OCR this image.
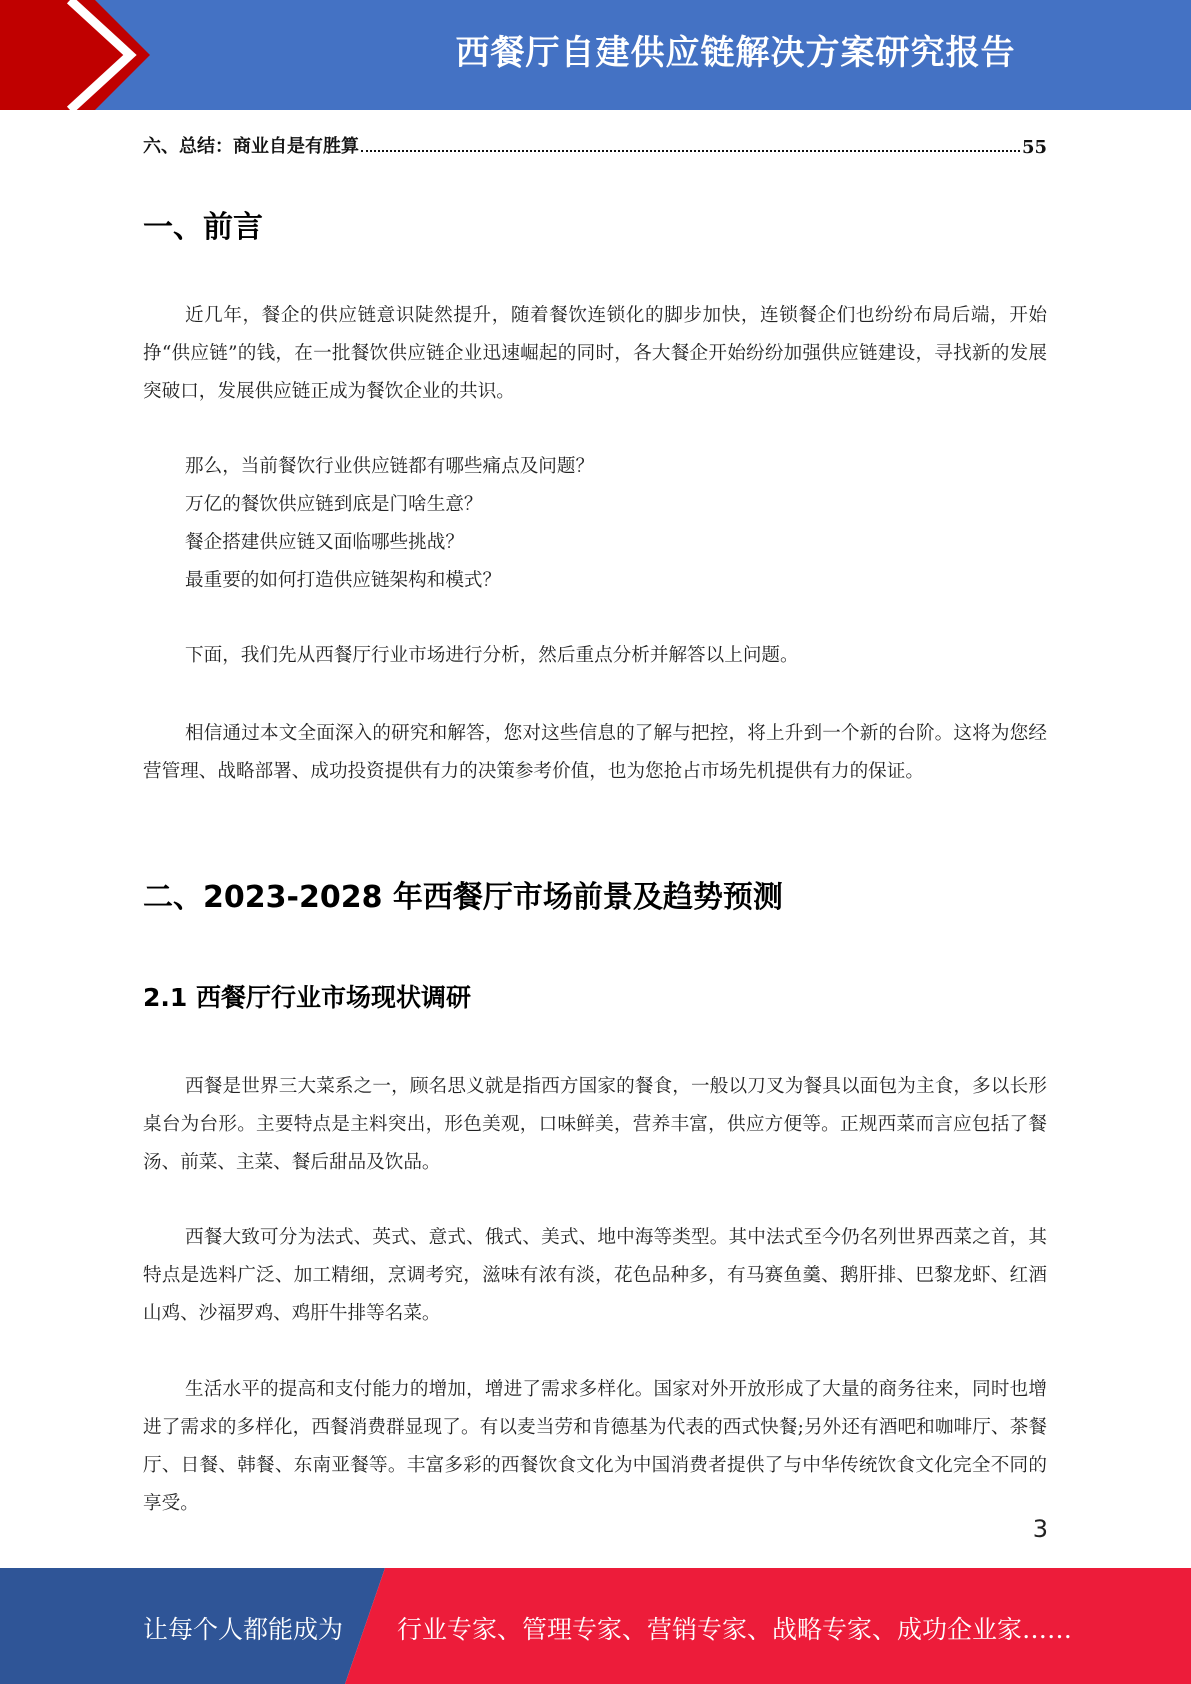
西餐厅自建供应链解决方案研究报告
六、总结：商业自是有胜算	55
一、前言

近几年，餐企的供应链意识陡然提升，随着餐饮连锁化的脚步加快，连锁餐企们也纷纷布局后端，开始挣“供应链”的钱，在一批餐饮供应链企业迅速崛起的同时，各大餐企开始纷纷加强供应链建设，寻找新的发展突破口，发展供应链正成为餐饮企业的共识。

那么，当前餐饮行业供应链都有哪些痛点及问题？

万亿的餐饮供应链到底是门啥生意？

餐企搭建供应链又面临哪些挑战？

最重要的如何打造供应链架构和模式？

下面，我们先从西餐厅行业市场进行分析，然后重点分析并解答以上问题。

相信通过本文全面深入的研究和解答，您对这些信息的了解与把控，将上升到一个新的台阶。这将为您经营管理、战略部署、成功投资提供有力的决策参考价值，也为您抢占市场先机提供有力的保证。

二、2023-2028 年西餐厅市场前景及趋势预测
2.1 西餐厅行业市场现状调研

西餐是世界三大菜系之一，顾名思义就是指西方国家的餐食，一般以刀叉为餐具以面包为主食，多以长形桌台为台形。主要特点是主料突出，形色美观，口味鲜美，营养丰富，供应方便等。正规西菜而言应包括了餐汤、前菜、主菜、餐后甜品及饮品。

西餐大致可分为法式、英式、意式、俄式、美式、地中海等类型。其中法式至今仍名列世界西菜之首，其特点是选料广泛、加工精细，烹调考究，滋味有浓有淡，花色品种多，有马赛鱼羹、鹅肝排、巴黎龙虾、红酒山鸡、沙福罗鸡、鸡肝牛排等名菜。

生活水平的提高和支付能力的增加，增进了需求多样化。国家对外开放形成了大量的商务往来，同时也增进了需求的多样化，西餐消费群显现了。有以麦当劳和肯德基为代表的西式快餐;另外还有酒吧和咖啡厅、茶餐厅、日餐、韩餐、东南亚餐等。丰富多彩的西餐饮食文化为中国消费者提供了与中华传统饮食文化完全不同的享受。

3
让每个人都能成为 行业专家、管理专家、营销专家、战略专家、成功企业家……
